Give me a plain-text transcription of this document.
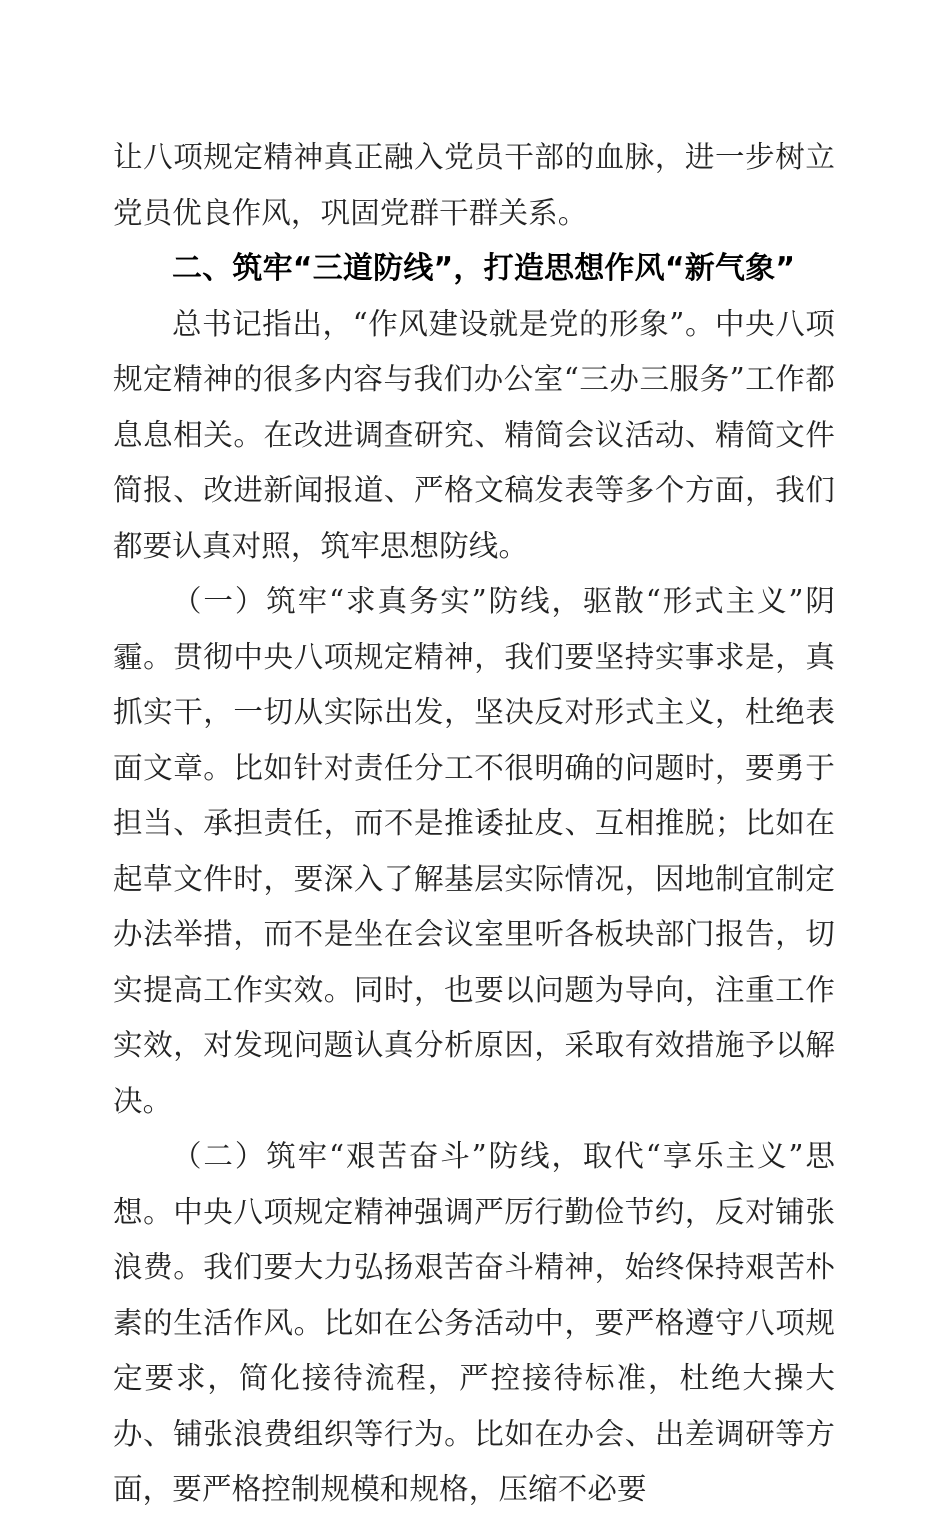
让八项规定精神真正融入党员干部的血脉，进一步树立党员优良作风，巩固党群干群关系。

二、筑牢“三道防线”，打造思想作风“新气象”

总书记指出，“作风建设就是党的形象”。中央八项规定精神的很多内容与我们办公室“三办三服务”工作都息息相关。在改进调查研究、精简会议活动、精简文件简报、改进新闻报道、严格文稿发表等多个方面，我们都要认真对照，筑牢思想防线。

（一）筑牢“求真务实”防线，驱散“形式主义”阴霾。贯彻中央八项规定精神，我们要坚持实事求是，真抓实干，一切从实际出发，坚决反对形式主义，杜绝表面文章。比如针对责任分工不很明确的问题时，要勇于担当、承担责任，而不是推诿扯皮、互相推脱；比如在起草文件时，要深入了解基层实际情况，因地制宜制定办法举措，而不是坐在会议室里听各板块部门报告，切实提高工作实效。同时，也要以问题为导向，注重工作实效，对发现问题认真分析原因，采取有效措施予以解决。

（二）筑牢“艰苦奋斗”防线，取代“享乐主义”思想。中央八项规定精神强调严厉行勤俭节约，反对铺张浪费。我们要大力弘扬艰苦奋斗精神，始终保持艰苦朴素的生活作风。比如在公务活动中，要严格遵守八项规定要求，简化接待流程，严控接待标准，杜绝大操大办、铺张浪费组织等行为。比如在办会、出差调研等方面，要严格控制规模和规格，压缩不必要
